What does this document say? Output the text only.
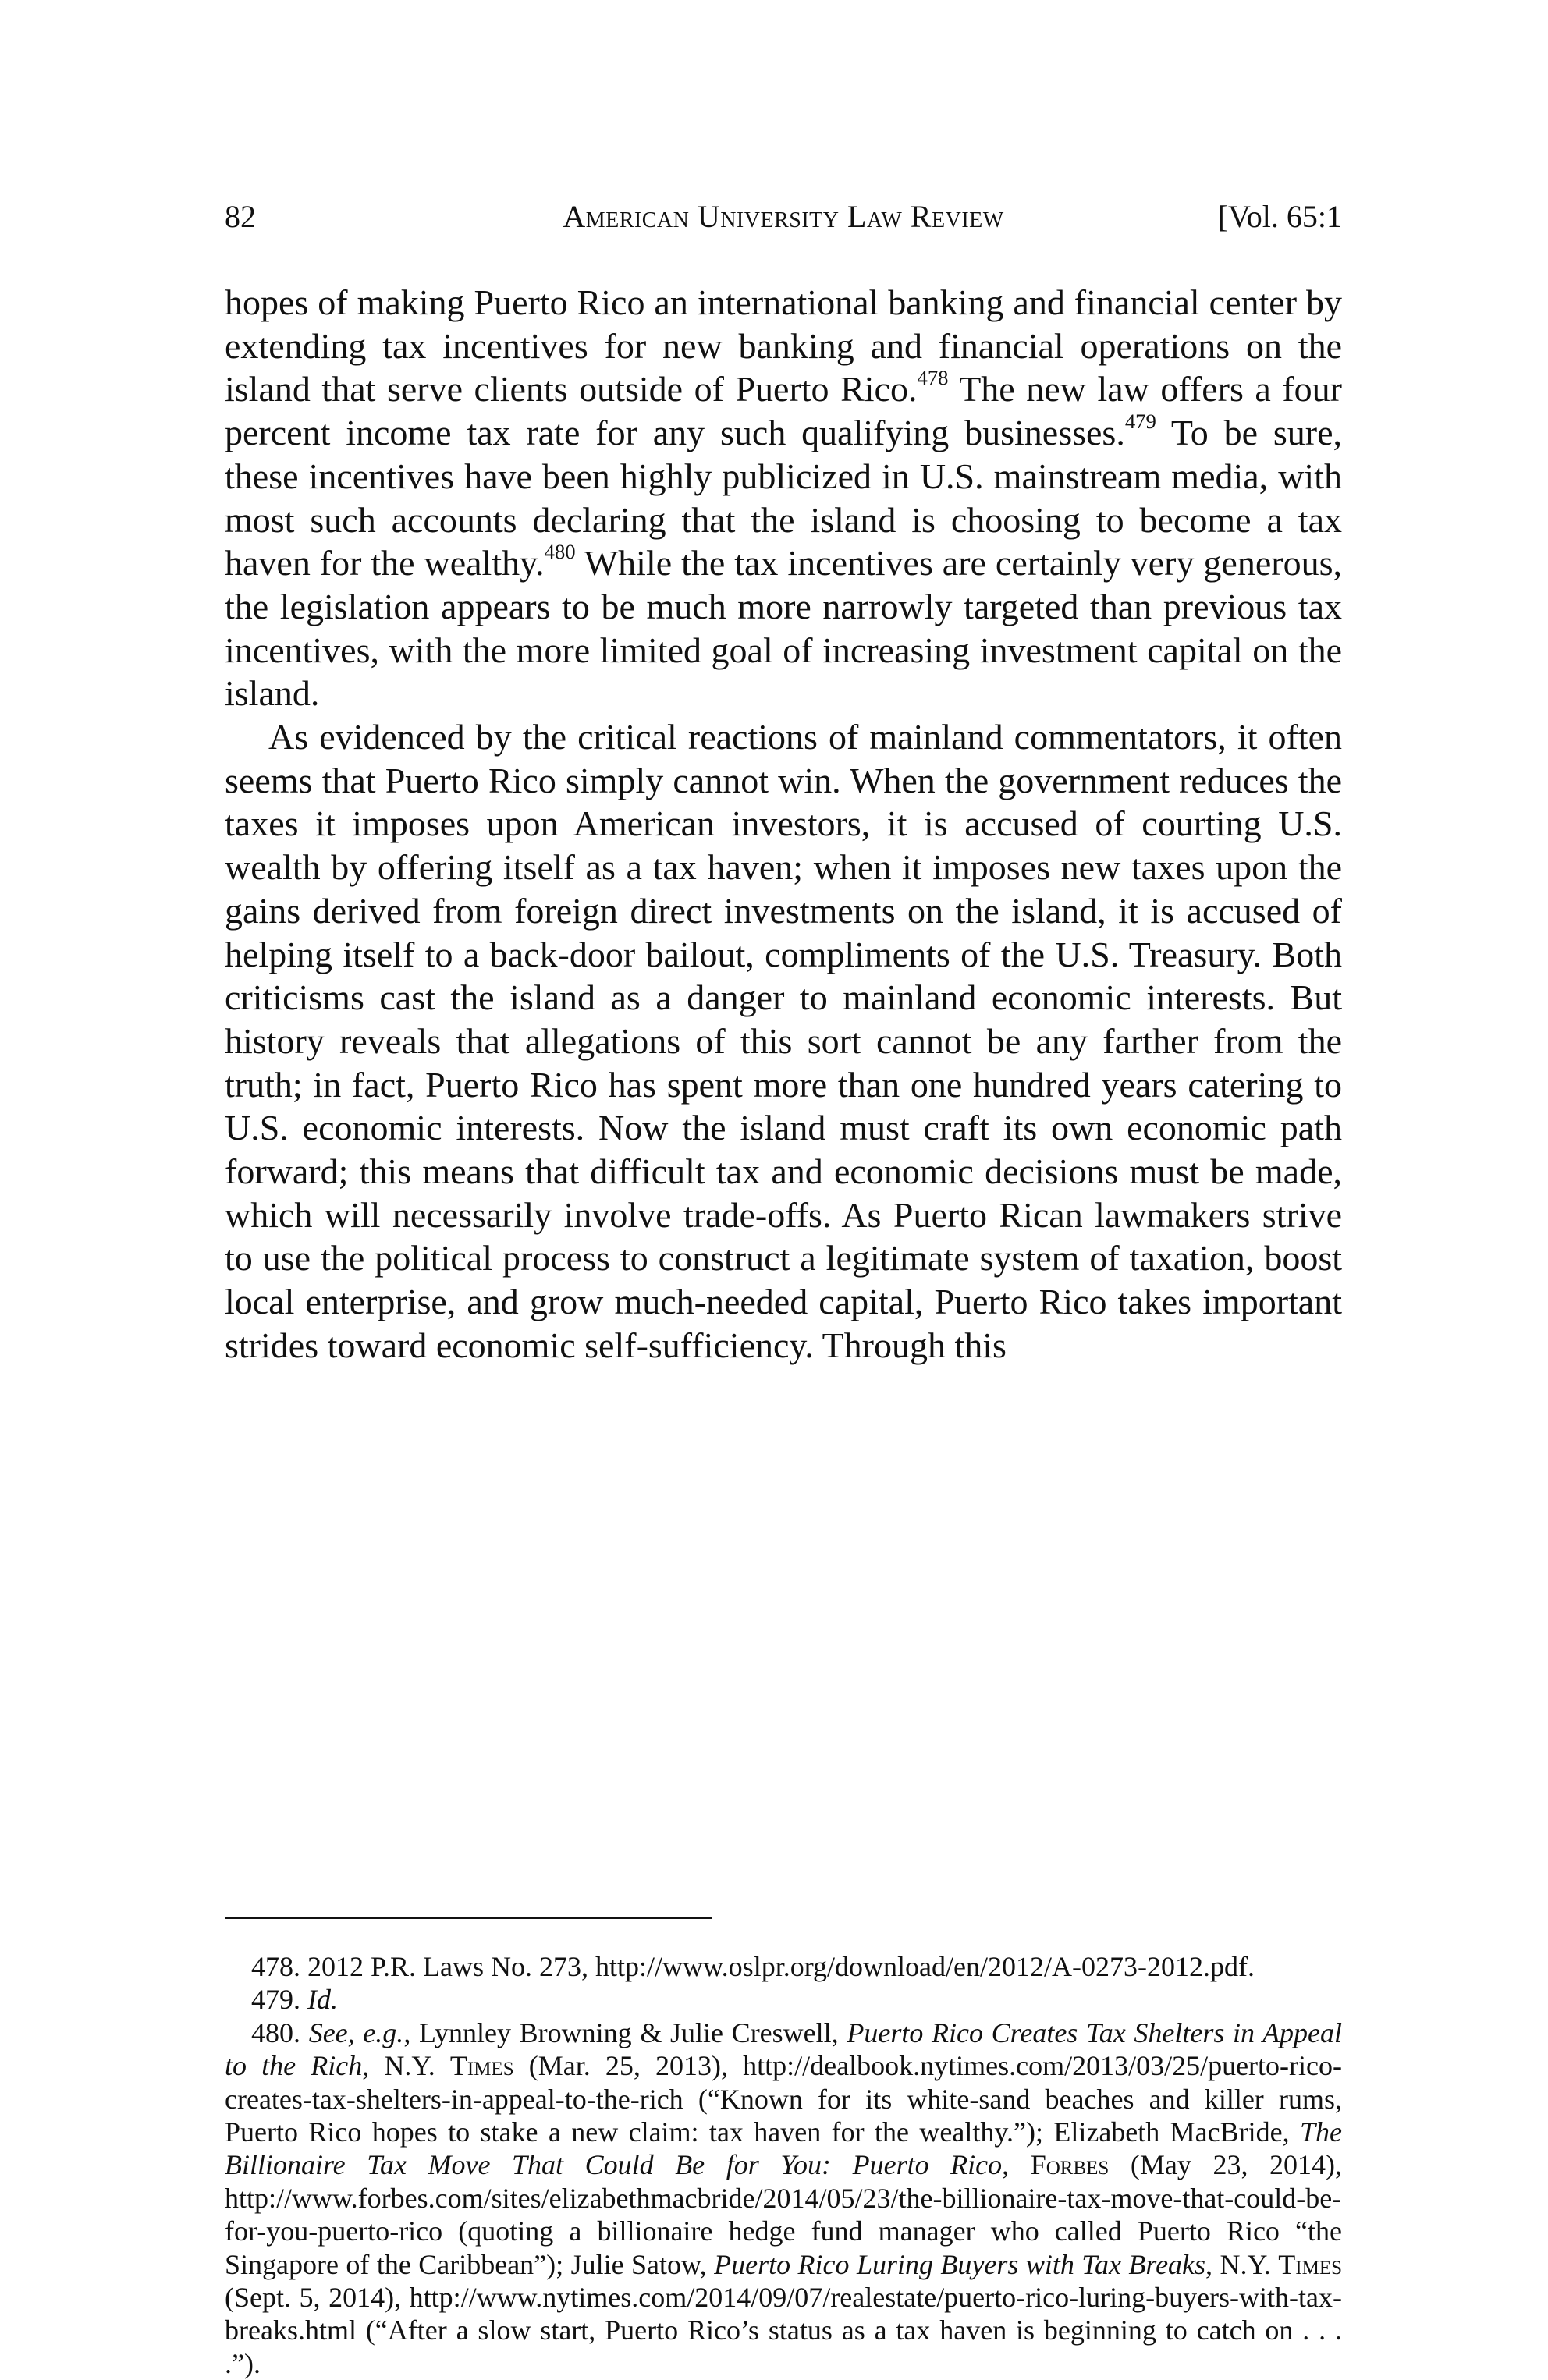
82	American University Law Review	[Vol. 65:1

hopes of making Puerto Rico an international banking and financial center by extending tax incentives for new banking and financial operations on the island that serve clients outside of Puerto Rico.$^{478}$ The new law offers a four percent income tax rate for any such qualifying businesses.$^{479}$ To be sure, these incentives have been highly publicized in U.S. mainstream media, with most such accounts declaring that the island is choosing to become a tax haven for the wealthy.$^{480}$ While the tax incentives are certainly very generous, the legislation appears to be much more narrowly targeted than previous tax incentives, with the more limited goal of increasing investment capital on the island.

As evidenced by the critical reactions of mainland commentators, it often seems that Puerto Rico simply cannot win. When the government reduces the taxes it imposes upon American investors, it is accused of courting U.S. wealth by offering itself as a tax haven; when it imposes new taxes upon the gains derived from foreign direct investments on the island, it is accused of helping itself to a back-door bailout, compliments of the U.S. Treasury. Both criticisms cast the island as a danger to mainland economic interests. But history reveals that allegations of this sort cannot be any farther from the truth; in fact, Puerto Rico has spent more than one hundred years catering to U.S. economic interests. Now the island must craft its own economic path forward; this means that difficult tax and economic decisions must be made, which will necessarily involve trade-offs. As Puerto Rican lawmakers strive to use the political process to construct a legitimate system of taxation, boost local enterprise, and grow much-needed capital, Puerto Rico takes important strides toward economic self-sufficiency. Through this

478. 2012 P.R. Laws No. 273, http://www.oslpr.org/download/en/2012/A-0273-2012.pdf.

479. Id.

480. See, e.g., Lynnley Browning & Julie Creswell, Puerto Rico Creates Tax Shelters in Appeal to the Rich, N.Y. Times (Mar. 25, 2013), http://dealbook.nytimes.com/2013/03/25/puerto-rico-creates-tax-shelters-in-appeal-to-the-rich (“Known for its white-sand beaches and killer rums, Puerto Rico hopes to stake a new claim: tax haven for the wealthy.”); Elizabeth MacBride, The Billionaire Tax Move That Could Be for You: Puerto Rico, Forbes (May 23, 2014), http://www.forbes.com/sites/elizabethmacbride/2014/05/23/the-billionaire-tax-move-that-could-be-for-you-puerto-rico (quoting a billionaire hedge fund manager who called Puerto Rico “the Singapore of the Caribbean”); Julie Satow, Puerto Rico Luring Buyers with Tax Breaks, N.Y. Times (Sept. 5, 2014), http://www.nytimes.com/2014/09/07/realestate/puerto-rico-luring-buyers-with-tax-breaks.html (“After a slow start, Puerto Rico’s status as a tax haven is beginning to catch on . . . .”).
